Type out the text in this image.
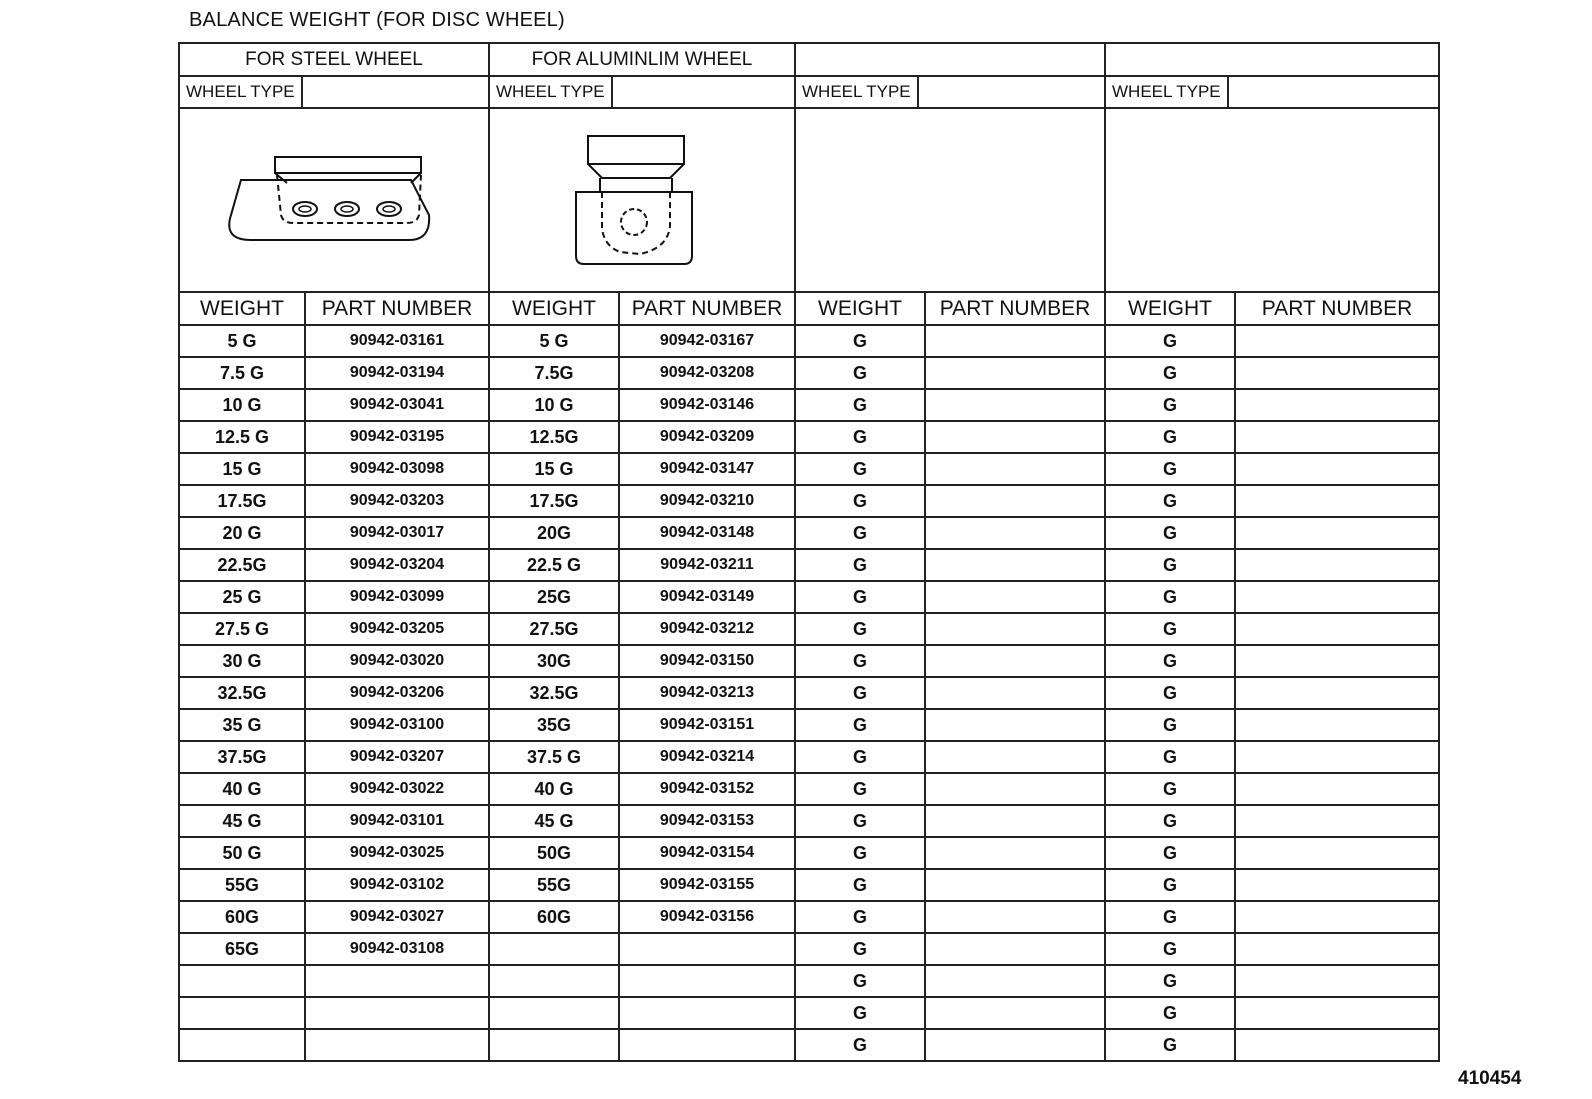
BALANCE WEIGHT (FOR DISC WHEEL)
FOR STEEL WHEEL		FOR ALUMINLIM WHEEL					

WHEEL TYPE		WHEEL TYPE		WHEEL TYPE		WHEEL TYPE	

WEIGHT	PART NUMBER	WEIGHT	PART NUMBER	WEIGHT	PART NUMBER	WEIGHT	PART NUMBER
5 G	90942-03161	5 G	90942-03167	G		G	
7.5 G	90942-03194	7.5G	90942-03208	G		G	
10 G	90942-03041	10 G	90942-03146	G		G	
12.5 G	90942-03195	12.5G	90942-03209	G		G	
15 G	90942-03098	15 G	90942-03147	G		G	
17.5G	90942-03203	17.5G	90942-03210	G		G	
20 G	90942-03017	20G	90942-03148	G		G	
22.5G	90942-03204	22.5 G	90942-03211	G		G	
25 G	90942-03099	25G	90942-03149	G		G	
27.5 G	90942-03205	27.5G	90942-03212	G		G	
30 G	90942-03020	30G	90942-03150	G		G	
32.5G	90942-03206	32.5G	90942-03213	G		G	
35 G	90942-03100	35G	90942-03151	G		G	
37.5G	90942-03207	37.5 G	90942-03214	G		G	
40 G	90942-03022	40 G	90942-03152	G		G	
45 G	90942-03101	45 G	90942-03153	G		G	
50 G	90942-03025	50G	90942-03154	G		G	
55G	90942-03102	55G	90942-03155	G		G	
60G	90942-03027	60G	90942-03156	G		G	
65G	90942-03108			G		G	
				G		G	
				G		G	
				G		G	
410454
